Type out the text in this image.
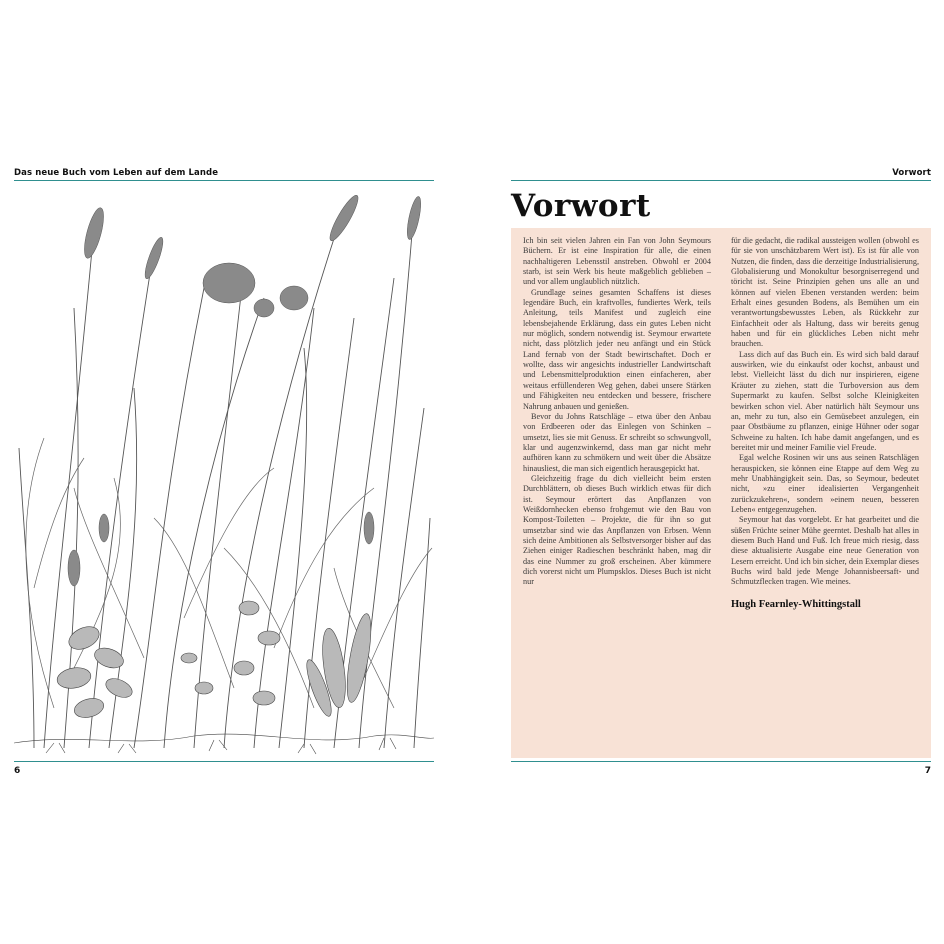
Das neue Buch vom Leben auf dem Lande
6
Vorwort
Vorwort

Ich bin seit vielen Jahren ein Fan von John Seymours Büchern. Er ist eine Inspiration für alle, die einen nachhaltigeren Lebensstil anstreben. Obwohl er 2004 starb, ist sein Werk bis heute maßgeblich geblieben – und vor allem unglaublich nützlich.

Grundlage seines gesamten Schaffens ist dieses legendäre Buch, ein kraftvolles, fundiertes Werk, teils Anleitung, teils Manifest und zugleich eine lebensbejahende Erklärung, dass ein gutes Leben nicht nur möglich, sondern notwendig ist. Seymour erwartete nicht, dass plötzlich jeder neu anfängt und ein Stück Land fernab von der Stadt bewirtschaftet. Doch er wollte, dass wir angesichts industrieller Landwirtschaft und Lebensmittelproduktion einen einfacheren, aber weitaus erfüllenderen Weg gehen, dabei unsere Stärken und Fähigkeiten neu entdecken und bessere, frischere Nahrung anbauen und genießen.

Bevor du Johns Ratschläge – etwa über den Anbau von Erdbeeren oder das Einlegen von Schinken – umsetzt, lies sie mit Genuss. Er schreibt so schwungvoll, klar und augenzwinkernd, dass man gar nicht mehr aufhören kann zu schmökern und weit über die Absätze hinausliest, die man sich eigentlich herausgepickt hat.

Gleichzeitig frage du dich vielleicht beim ersten Durchblättern, ob dieses Buch wirklich etwas für dich ist. Seymour erörtert das Anpflanzen von Weißdornhecken ebenso frohgemut wie den Bau von Kompost-Toiletten – Projekte, die für ihn so gut umsetzbar sind wie das Anpflanzen von Erbsen. Wenn sich deine Ambitionen als Selbstversorger bisher auf das Ziehen einiger Radieschen beschränkt haben, mag dir das eine Nummer zu groß erscheinen. Aber kümmere dich vorerst nicht um Plumpsklos. Dieses Buch ist nicht nur

für die gedacht, die radikal aussteigen wollen (obwohl es für sie von unschätzbarem Wert ist). Es ist für alle von Nutzen, die finden, dass die derzeitige Industrialisierung, Globalisierung und Monokultur besorgniserregend und töricht ist. Seine Prinzipien gehen uns alle an und können auf vielen Ebenen verstanden werden: beim Erhalt eines gesunden Bodens, als Bemühen um ein verantwortungsbewusstes Leben, als Rückkehr zur Einfachheit oder als Haltung, dass wir bereits genug haben und für ein glückliches Leben nicht mehr brauchen.

Lass dich auf das Buch ein. Es wird sich bald darauf auswirken, wie du einkaufst oder kochst, anbaust und lebst. Vielleicht lässt du dich nur inspirieren, eigene Kräuter zu ziehen, statt die Turboversion aus dem Supermarkt zu kaufen. Selbst solche Kleinigkeiten bewirken schon viel. Aber natürlich hält Seymour uns an, mehr zu tun, also ein Gemüsebeet anzulegen, ein paar Obstbäume zu pflanzen, einige Hühner oder sogar Schweine zu halten. Ich habe damit angefangen, und es bereitet mir und meiner Familie viel Freude.

Egal welche Rosinen wir uns aus seinen Ratschlägen herauspicken, sie können eine Etappe auf dem Weg zu mehr Unabhängigkeit sein. Das, so Seymour, bedeutet nicht, »zu einer idealisierten Vergangenheit zurückzukehren«, sondern »einem neuen, besseren Leben« entgegenzugehen.

Seymour hat das vorgelebt. Er hat gearbeitet und die süßen Früchte seiner Mühe geerntet. Deshalb hat alles in diesem Buch Hand und Fuß. Ich freue mich riesig, dass diese aktualisierte Ausgabe eine neue Generation von Lesern erreicht. Und ich bin sicher, dein Exemplar dieses Buchs wird bald jede Menge Johannisbeersaft- und Schmutzflecken tragen. Wie meines.

Hugh Fearnley-Whittingstall
7
